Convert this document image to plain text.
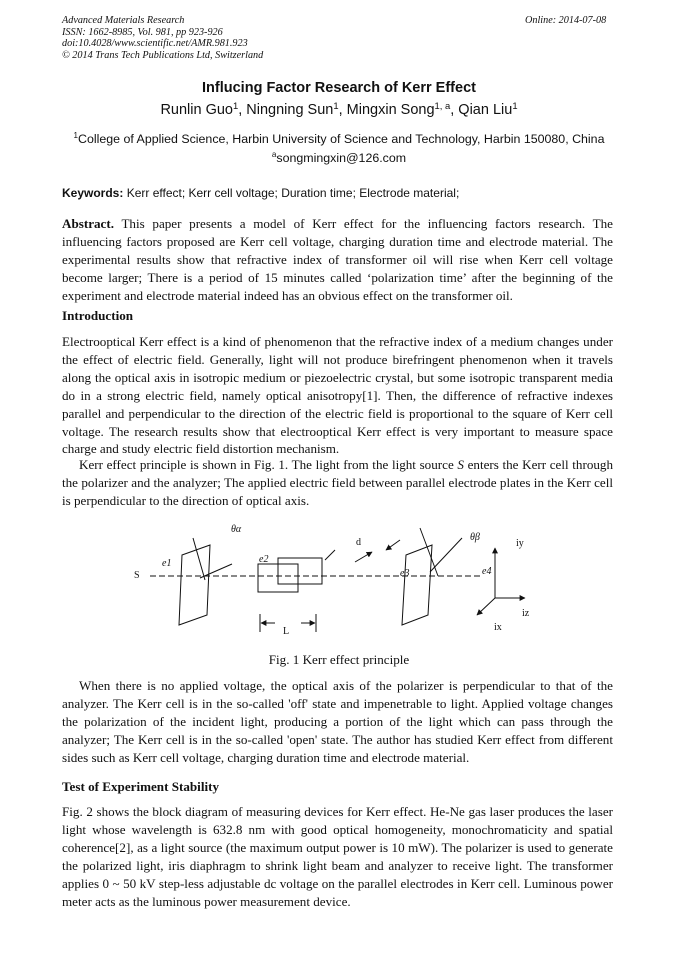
Advanced Materials Research
ISSN: 1662-8985, Vol. 981, pp 923-926
doi:10.4028/www.scientific.net/AMR.981.923
© 2014 Trans Tech Publications Ltd, Switzerland
Online: 2014-07-08
Influcing Factor Research of Kerr Effect
Runlin Guo$^1$, Ningning Sun$^1$, Mingxin Song$^{1, a}$, Qian Liu$^1$
$^1$College of Applied Science, Harbin University of Science and Technology, Harbin 150080, China
$^a$songmingxin@126.com
Keywords: Kerr effect; Kerr cell voltage; Duration time; Electrode material;
Abstract. This paper presents a model of Kerr effect for the influencing factors research. The influencing factors proposed are Kerr cell voltage, charging duration time and electrode material. The experimental results show that refractive index of transformer oil will rise when Kerr cell voltage become larger; There is a period of 15 minutes called ‘polarization time’ after the beginning of the experiment and electrode material indeed has an obvious effect on the transformer oil.
Introduction
Electrooptical Kerr effect is a kind of phenomenon that the refractive index of a medium changes under the effect of electric field. Generally, light will not produce birefringent phenomenon when it travels along the optical axis in isotropic medium or piezoelectric crystal, but some isotropic transparent media do in a strong electric field, namely optical anisotropy[1]. Then, the difference of refractive indexes parallel and perpendicular to the direction of the electric field is proportional to the square of Kerr cell voltage. The research results show that electrooptical Kerr effect is very important to measure space charge and study electric field distortion mechanism.
Kerr effect principle is shown in Fig. 1. The light from the light source S enters the Kerr cell through the polarizer and the analyzer; The applied electric field between parallel electrode plates in the Kerr cell is perpendicular to the direction of optical axis.
S
e1	e2
θα
d	θβ
e3	e4
L
iy
iz
ix
Fig. 1 Kerr effect principle
When there is no applied voltage, the optical axis of the polarizer is perpendicular to that of the analyzer. The Kerr cell is in the so-called 'off' state and impenetrable to light. Applied voltage changes the polarization of the incident light, producing a portion of the light which can pass through the analyzer; The Kerr cell is in the so-called 'open' state. The author has studied Kerr effect from different sides such as Kerr cell voltage, charging duration time and electrode material.
Test of Experiment Stability
Fig. 2 shows the block diagram of measuring devices for Kerr effect. He-Ne gas laser produces the laser light whose wavelength is 632.8 nm with good optical homogeneity, monochromaticity and spatial coherence[2], as a light source (the maximum output power is 10 mW). The polarizer is used to generate the polarized light, iris diaphragm to shrink light beam and analyzer to receive light. The transformer applies 0 ~ 50 kV step-less adjustable dc voltage on the parallel electrodes in Kerr cell. Luminous power meter acts as the luminous power measurement device.
